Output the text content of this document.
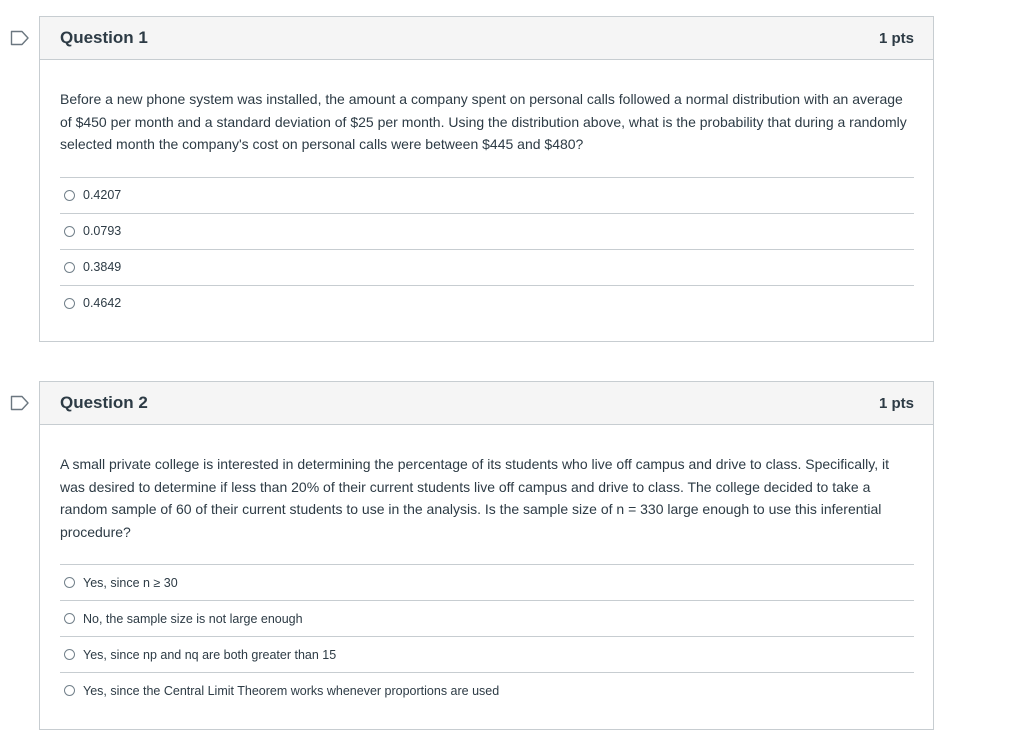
Question 1	1 pts

Before a new phone system was installed, the amount a company spent on personal calls followed a normal distribution with an average of $450 per month and a standard deviation of $25 per month. Using the distribution above, what is the probability that during a randomly selected month the company's cost on personal calls were between $445 and $480?

0.4207
0.0793
0.3849
0.4642
Question 2	1 pts

A small private college is interested in determining the percentage of its students who live off campus and drive to class. Specifically, it was desired to determine if less than 20% of their current students live off campus and drive to class. The college decided to take a random sample of 60 of their current students to use in the analysis. Is the sample size of n = 330 large enough to use this inferential procedure?

Yes, since n ≥ 30
No, the sample size is not large enough
Yes, since np and nq are both greater than 15
Yes, since the Central Limit Theorem works whenever proportions are used
